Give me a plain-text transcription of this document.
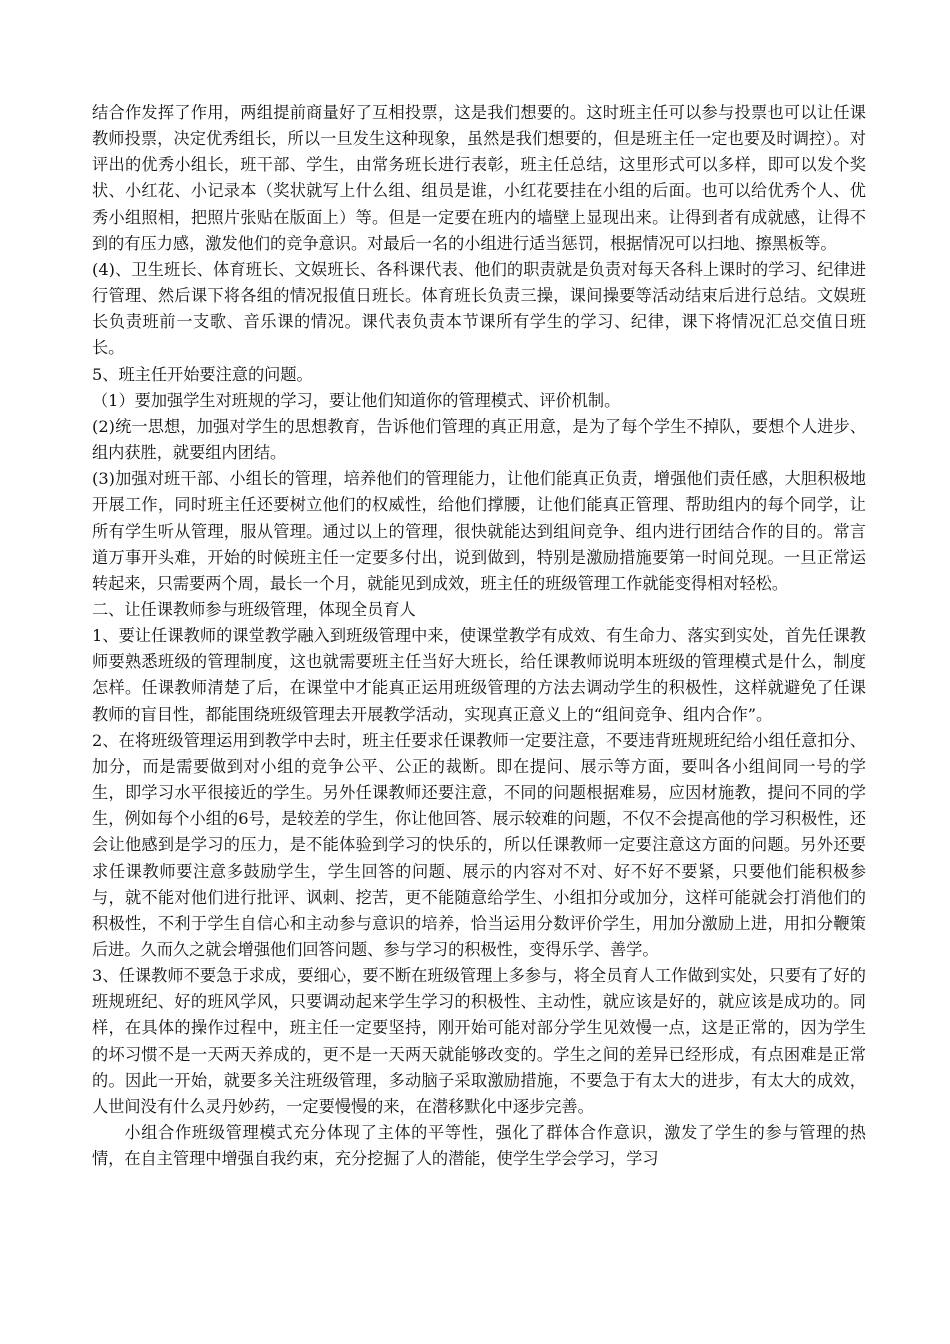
结合作发挥了作用，两组提前商量好了互相投票，这是我们想要的。这时班主任可以参与投票也可以让任课教师投票，决定优秀组长，所以一旦发生这种现象，虽然是我们想要的，但是班主任一定也要及时调控）。对评出的优秀小组长，班干部、学生，由常务班长进行表彰，班主任总结，这里形式可以多样，即可以发个奖状、小红花、小记录本（奖状就写上什么组、组员是谁，小红花要挂在小组的后面。也可以给优秀个人、优秀小组照相，把照片张贴在版面上）等。但是一定要在班内的墙壁上显现出来。让得到者有成就感，让得不到的有压力感，激发他们的竞争意识。对最后一名的小组进行适当惩罚，根据情况可以扫地、擦黑板等。

(4)、卫生班长、体育班长、文娱班长、各科课代表、他们的职责就是负责对每天各科上课时的学习、纪律进行管理、然后课下将各组的情况报值日班长。体育班长负责三操，课间操要等活动结束后进行总结。文娱班长负责班前一支歌、音乐课的情况。课代表负责本节课所有学生的学习、纪律，课下将情况汇总交值日班长。

5、班主任开始要注意的问题。

（1）要加强学生对班规的学习，要让他们知道你的管理模式、评价机制。

(2)统一思想，加强对学生的思想教育，告诉他们管理的真正用意，是为了每个学生不掉队，要想个人进步、组内获胜，就要组内团结。

(3)加强对班干部、小组长的管理，培养他们的管理能力，让他们能真正负责，增强他们责任感，大胆积极地开展工作，同时班主任还要树立他们的权威性，给他们撑腰，让他们能真正管理、帮助组内的每个同学，让所有学生听从管理，服从管理。通过以上的管理，很快就能达到组间竞争、组内进行团结合作的目的。常言道万事开头难，开始的时候班主任一定要多付出，说到做到，特别是激励措施要第一时间兑现。一旦正常运转起来，只需要两个周，最长一个月，就能见到成效，班主任的班级管理工作就能变得相对轻松。

二、让任课教师参与班级管理，体现全员育人

1、要让任课教师的课堂教学融入到班级管理中来，使课堂教学有成效、有生命力、落实到实处，首先任课教师要熟悉班级的管理制度，这也就需要班主任当好大班长，给任课教师说明本班级的管理模式是什么，制度怎样。任课教师清楚了后，在课堂中才能真正运用班级管理的方法去调动学生的积极性，这样就避免了任课教师的盲目性，都能围绕班级管理去开展教学活动，实现真正意义上的“组间竞争、组内合作”。

2、在将班级管理运用到教学中去时，班主任要求任课教师一定要注意，不要违背班规班纪给小组任意扣分、加分，而是需要做到对小组的竞争公平、公正的裁断。即在提问、展示等方面，要叫各小组间同一号的学生，即学习水平很接近的学生。另外任课教师还要注意，不同的问题根据难易，应因材施教，提问不同的学生，例如每个小组的6号，是较差的学生，你让他回答、展示较难的问题，不仅不会提高他的学习积极性，还会让他感到是学习的压力，是不能体验到学习的快乐的，所以任课教师一定要注意这方面的问题。另外还要求任课教师要注意多鼓励学生，学生回答的问题、展示的内容对不对、好不好不要紧，只要他们能积极参与，就不能对他们进行批评、讽刺、挖苦，更不能随意给学生、小组扣分或加分，这样可能就会打消他们的积极性，不利于学生自信心和主动参与意识的培养，恰当运用分数评价学生，用加分激励上进，用扣分鞭策后进。久而久之就会增强他们回答问题、参与学习的积极性，变得乐学、善学。

3、任课教师不要急于求成，要细心，要不断在班级管理上多参与，将全员育人工作做到实处，只要有了好的班规班纪、好的班风学风，只要调动起来学生学习的积极性、主动性，就应该是好的，就应该是成功的。同样，在具体的操作过程中，班主任一定要坚持，刚开始可能对部分学生见效慢一点，这是正常的，因为学生的坏习惯不是一天两天养成的，更不是一天两天就能够改变的。学生之间的差异已经形成，有点困难是正常的。因此一开始，就要多关注班级管理，多动脑子采取激励措施，不要急于有太大的进步，有太大的成效，人世间没有什么灵丹妙药，一定要慢慢的来，在潜移默化中逐步完善。

小组合作班级管理模式充分体现了主体的平等性，强化了群体合作意识，激发了学生的参与管理的热情，在自主管理中增强自我约束，充分挖掘了人的潜能，使学生学会学习，学习
